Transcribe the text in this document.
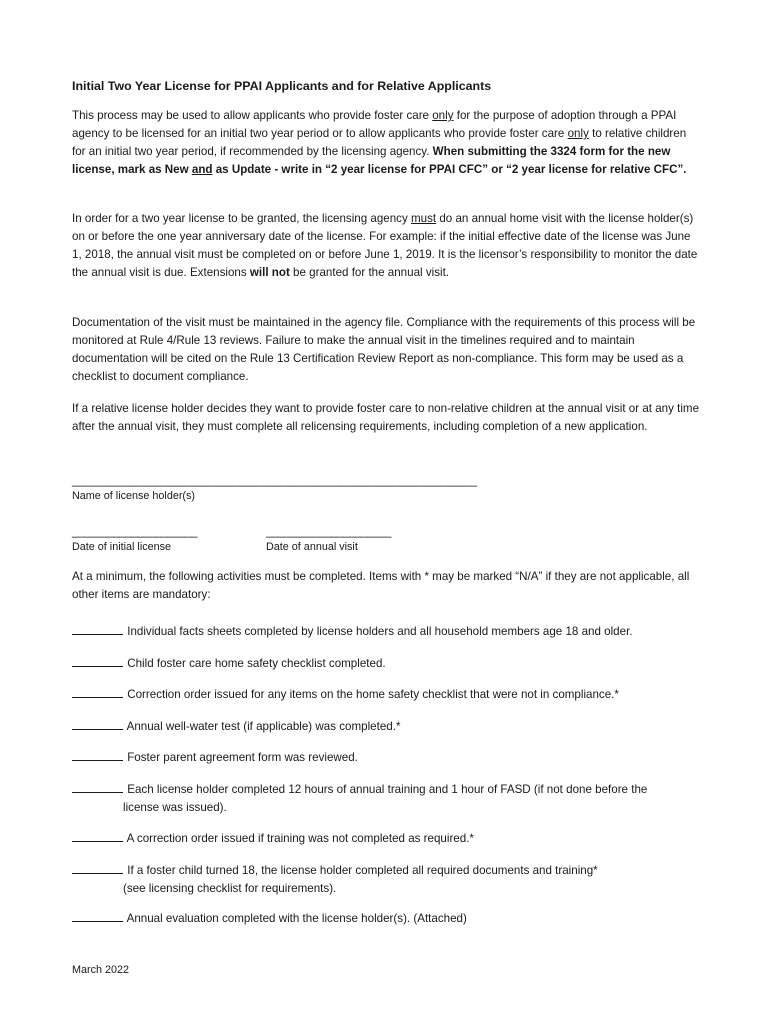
Initial Two Year License for PPAI Applicants and for Relative Applicants
This process may be used to allow applicants who provide foster care only for the purpose of adoption through a PPAI agency to be licensed for an initial two year period or to allow applicants who provide foster care only to relative children for an initial two year period, if recommended by the licensing agency. When submitting the 3324 form for the new license, mark as New and as Update - write in “2 year license for PPAI CFC” or “2 year license for relative CFC”.
In order for a two year license to be granted, the licensing agency must do an annual home visit with the license holder(s) on or before the one year anniversary date of the license. For example: if the initial effective date of the license was June 1, 2018, the annual visit must be completed on or before June 1, 2019. It is the licensor’s responsibility to monitor the date the annual visit is due. Extensions will not be granted for the annual visit.
Documentation of the visit must be maintained in the agency file. Compliance with the requirements of this process will be monitored at Rule 4/Rule 13 reviews. Failure to make the annual visit in the timelines required and to maintain documentation will be cited on the Rule 13 Certification Review Report as non-compliance. This form may be used as a checklist to document compliance.
If a relative license holder decides they want to provide foster care to non-relative children at the annual visit or at any time after the annual visit, they must complete all relicensing requirements, including completion of a new application.
____________________________________________________________________
Name of license holder(s)
_____________________
Date of initial license
_____________________
Date of annual visit
At a minimum, the following activities must be completed. Items with * may be marked “N/A” if they are not applicable, all other items are mandatory:
Individual facts sheets completed by license holders and all household members age 18 and older.
Child foster care home safety checklist completed.
Correction order issued for any items on the home safety checklist that were not in compliance.*
Annual well-water test (if applicable) was completed.*
Foster parent agreement form was reviewed.
Each license holder completed 12 hours of annual training and 1 hour of FASD (if not done before the
license was issued).
A correction order issued if training was not completed as required.*
If a foster child turned 18, the license holder completed all required documents and training*
(see licensing checklist for requirements).
Annual evaluation completed with the license holder(s). (Attached)
March 2022
